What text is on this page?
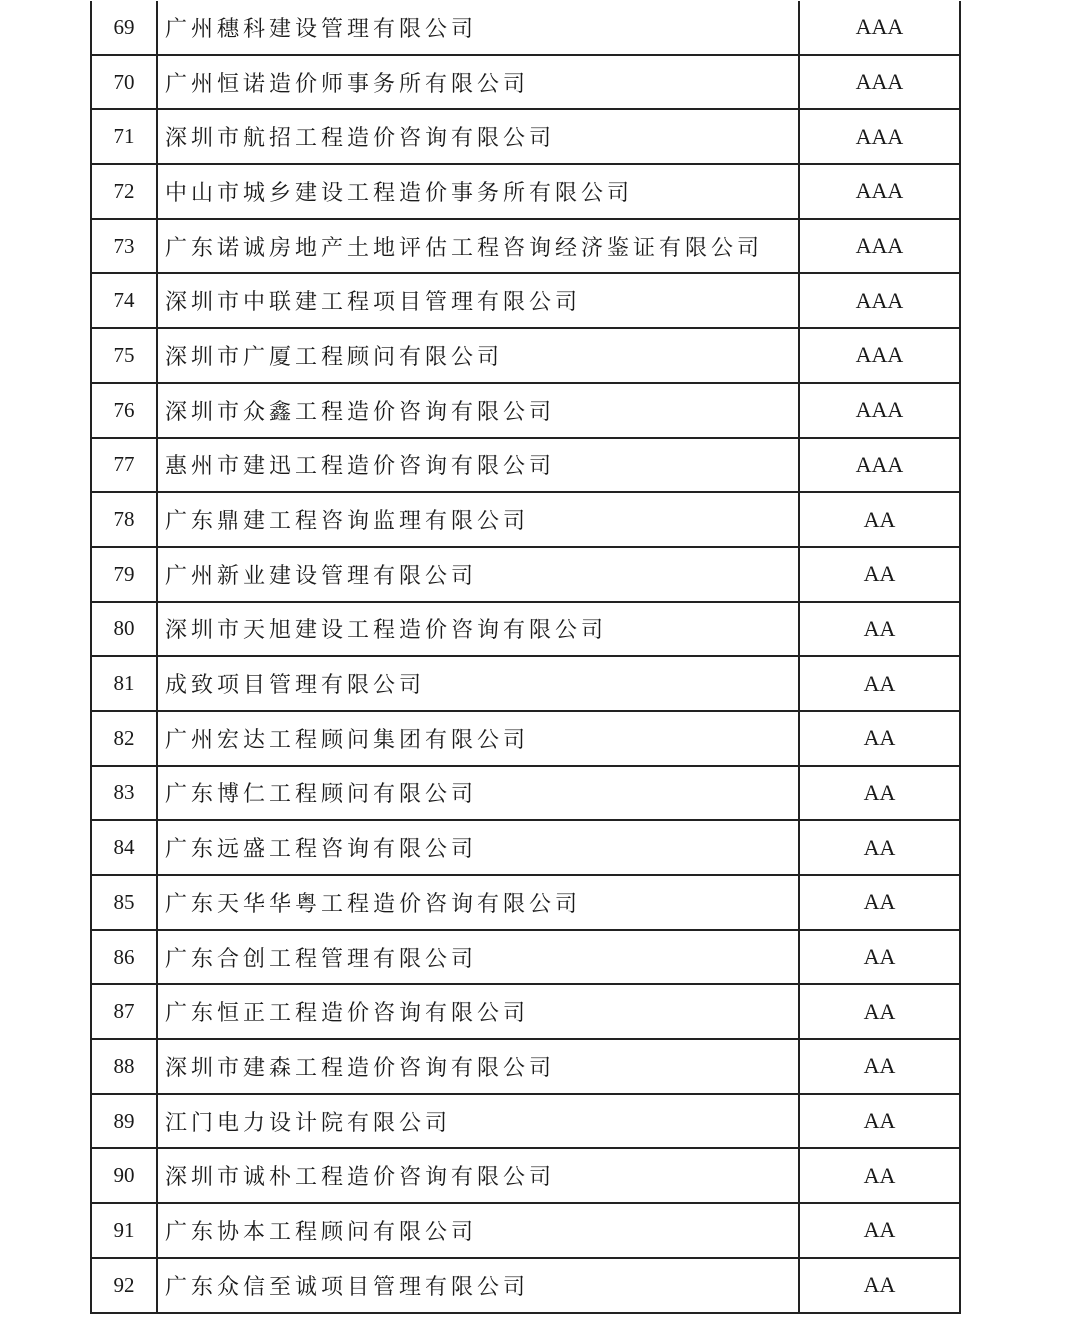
69	广州穗科建设管理有限公司	AAA
70	广州恒诺造价师事务所有限公司	AAA
71	深圳市航招工程造价咨询有限公司	AAA
72	中山市城乡建设工程造价事务所有限公司	AAA
73	广东诺诚房地产土地评估工程咨询经济鉴证有限公司	AAA
74	深圳市中联建工程项目管理有限公司	AAA
75	深圳市广厦工程顾问有限公司	AAA
76	深圳市众鑫工程造价咨询有限公司	AAA
77	惠州市建迅工程造价咨询有限公司	AAA
78	广东鼎建工程咨询监理有限公司	AA
79	广州新业建设管理有限公司	AA
80	深圳市天旭建设工程造价咨询有限公司	AA
81	成致项目管理有限公司	AA
82	广州宏达工程顾问集团有限公司	AA
83	广东博仁工程顾问有限公司	AA
84	广东远盛工程咨询有限公司	AA
85	广东天华华粤工程造价咨询有限公司	AA
86	广东合创工程管理有限公司	AA
87	广东恒正工程造价咨询有限公司	AA
88	深圳市建森工程造价咨询有限公司	AA
89	江门电力设计院有限公司	AA
90	深圳市诚朴工程造价咨询有限公司	AA
91	广东协本工程顾问有限公司	AA
92	广东众信至诚项目管理有限公司	AA
